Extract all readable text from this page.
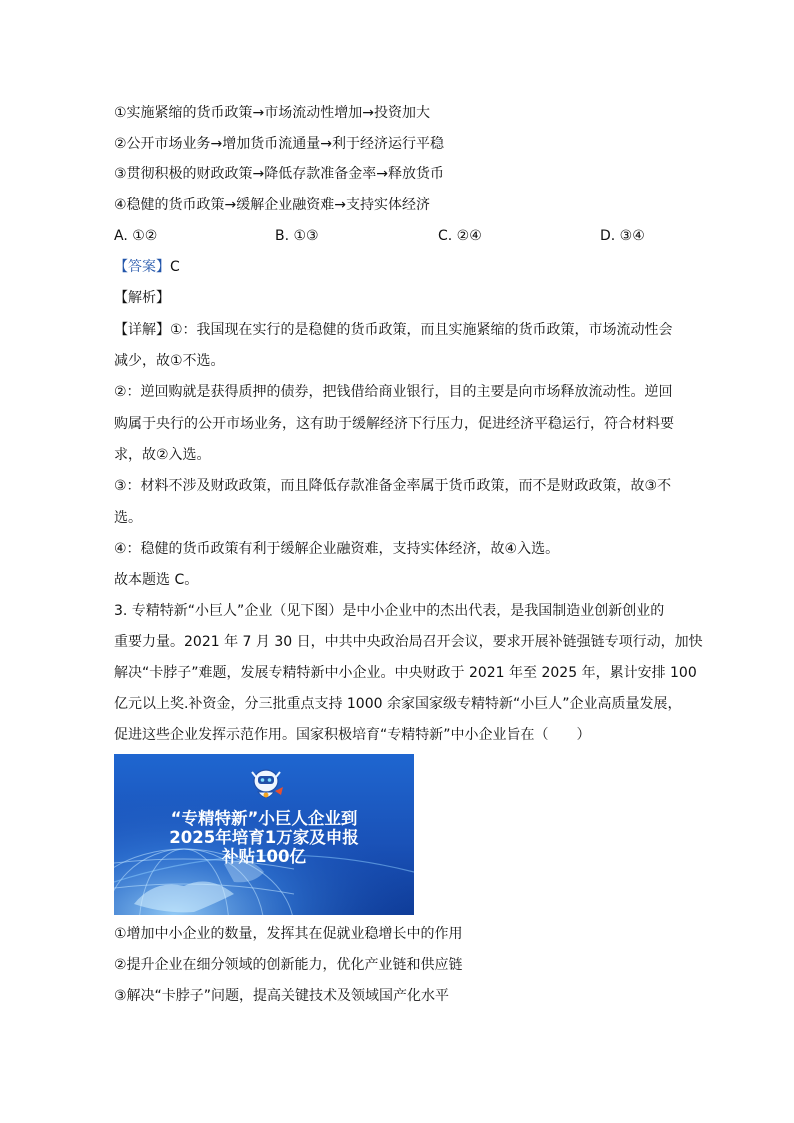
①实施紧缩的货币政策→市场流动性增加→投资加大
②公开市场业务→增加货币流通量→利于经济运行平稳
③贯彻积极的财政政策→降低存款准备金率→释放货币
④稳健的货币政策→缓解企业融资难→支持实体经济
A. ①②	B. ①③	C. ②④	D. ③④
【答案】C
【解析】
【详解】①：我国现在实行的是稳健的货币政策，而且实施紧缩的货币政策，市场流动性会
减少，故①不选。
②：逆回购就是获得质押的债券，把钱借给商业银行，目的主要是向市场释放流动性。逆回
购属于央行的公开市场业务，这有助于缓解经济下行压力，促进经济平稳运行，符合材料要
求，故②入选。
③：材料不涉及财政政策，而且降低存款准备金率属于货币政策，而不是财政政策，故③不
选。
④：稳健的货币政策有利于缓解企业融资难，支持实体经济，故④入选。
故本题选 C。
3. 专精特新“小巨人”企业（见下图）是中小企业中的杰出代表，是我国制造业创新创业的
重要力量。2021 年 7 月 30 日，中共中央政治局召开会议，要求开展补链强链专项行动，加快
解决“卡脖子”难题，发展专精特新中小企业。中央财政于 2021 年至 2025 年，累计安排 100
亿元以上奖.补资金，分三批重点支持 1000 余家国家级专精特新“小巨人”企业高质量发展，
促进这些企业发挥示范作用。国家积极培育“专精特新”中小企业旨在（　　）
“专精特新”小巨人企业到
2025年培育1万家及申报
补贴100亿
①增加中小企业的数量，发挥其在促就业稳增长中的作用
②提升企业在细分领域的创新能力，优化产业链和供应链
③解决“卡脖子”问题，提高关键技术及领域国产化水平
